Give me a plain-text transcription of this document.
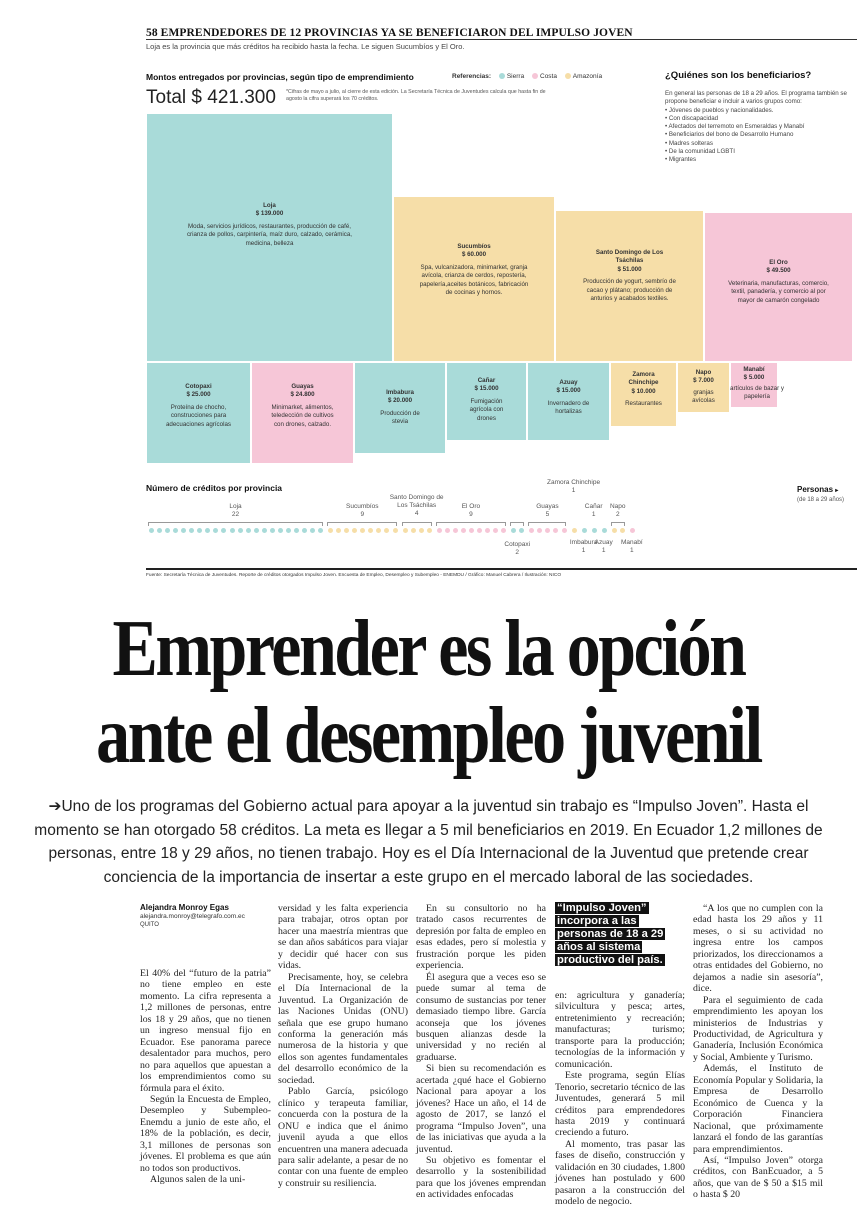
58 EMPRENDEDORES DE 12 PROVINCIAS YA SE BENEFICIARON DEL IMPULSO JOVEN
Loja es la provincia que más créditos ha recibido hasta la fecha. Le siguen Sucumbíos y El Oro.
Montos entregados por provincias, según tipo de emprendimiento	Referencias: Sierra Costa Amazonía
Total $ 421.300 *Cifras de mayo a julio, al cierre de esta edición. La Secretaría Técnica de Juventudes calcula que hasta fin de agosto la cifra superará los 70 créditos.
¿Quiénes son los beneficiarios?
En general las personas de 18 a 29 años. El programa también se propone beneficiar e incluir a varios grupos como:
• Jóvenes de pueblos y nacionalidades.
• Con discapacidad
• Afectados del terremoto en Esmeraldas y Manabí
• Beneficiarios del bono de Desarrollo Humano
• Madres solteras
• De la comunidad LGBTI
• Migrantes
Loja
$ 139.000
Moda, servicios jurídicos, restaurantes, producción de café, crianza de pollos, carpintería, maíz duro, calzado, cerámica, medicina, belleza	Sucumbíos
$ 60.000
Spa, vulcanizadora, minimarket, granja avícola, crianza de cerdos, repostería, papelería,aceites botánicos, fabricación de cocinas y hornos.
Santo Domingo de Los Tsáchilas
$ 51.000
Producción de yogurt, sembrío de cacao y plátano; producción de anturios y acabados textiles.
El Oro
$ 49.500
Veterinaria, manufacturas, comercio, textil, panadería, y comercio al por mayor de camarón congelado
Cotopaxi
$ 25.000
Proteína de chocho, construcciones para adecuaciones agrícolas
Guayas
$ 24.800
Minimarket, alimentos, teledección de cultivos con drones, calzado.
Imbabura
$ 20.000
Producción de stevia
Cañar
$ 15.000
Fumigación agrícola con drones
Azuay
$ 15.000
Invernadero de hortalizas
Zamora Chinchipe
$ 10.000
Restaurantes
Napo
$ 7.000
granjas avícolas
Manabí
$ 5.000
artículos de bazar y papelería
Número de créditos por provincia	Personas ▸
(de 18 a 29 años)
Loja
22
Sucumbíos
9
Santo Domingo de
Los Tsáchilas
4
El Oro
9
Cotopaxi
2
Guayas
5
Zamora Chinchipe
1
Imbabura
1
Cañar
1
Azuay
1
Napo
2
Manabí
1
Fuente: Secretaría Técnica de Juventudes. Reporte de créditos otorgados Impulso Joven. Encuesta de Empleo, Desempleo y Subempleo - ENEMDU / Gráfico: Manuel Cabrera / Ilustración: NICO
Emprender es la opción
ante el desempleo juvenil
➔Uno de los programas del Gobierno actual para apoyar a la juventud sin trabajo es “Impulso Joven”. Hasta el momento se han otorgado 58 créditos. La meta es llegar a 5 mil beneficiarios en 2019. En Ecuador 1,2 millones de personas, entre 18 y 29 años, no tienen trabajo. Hoy es el Día Internacional de la Juventud que pretende crear conciencia de la importancia de insertar a este grupo en el mercado laboral de las sociedades.
Alejandra Monroy Egas
alejandra.monroy@telegrafo.com.ec
QUITO

El 40% del “futuro de la patria” no tiene empleo en este momento. La cifra representa a 1,2 millones de personas, entre los 18 y 29 años, que no tienen un ingreso mensual fijo en Ecuador. Ese panorama parece desalentador para muchos, pero no para aquellos que apuestan a los emprendimientos como su fórmula para el éxito.

Según la Encuesta de Empleo, Desempleo y Subempleo-Enemdu a junio de este año, el 18% de la población, es decir, 3,1 millones de personas son jóvenes. El problema es que aún no todos son productivos.

Algunos salen de la uni-

versidad y les falta experiencia para trabajar, otros optan por hacer una maestría mientras que se dan años sabáticos para viajar y decidir qué hacer con sus vidas.

Precisamente, hoy, se celebra el Día Internacional de la Juventud. La Organización de las Naciones Unidas (ONU) señala que ese grupo humano conforma la generación más numerosa de la historia y que ellos son agentes fundamentales del desarrollo económico de la sociedad.

Pablo García, psicólogo clínico y terapeuta familiar, concuerda con la postura de la ONU e indica que el ánimo juvenil ayuda a que ellos encuentren una manera adecuada para salir adelante, a pesar de no contar con una fuente de empleo y construir su resiliencia.

En su consultorio no ha tratado casos recurrentes de depresión por falta de empleo en esas edades, pero sí molestia y frustración porque les piden experiencia.

Él asegura que a veces eso se puede sumar al tema de consumo de sustancias por tener demasiado tiempo libre. García aconseja que los jóvenes busquen alianzas desde la universidad y no recién al graduarse.

Si bien su recomendación es acertada ¿qué hace el Gobierno Nacional para apoyar a los jóvenes? Hace un año, el 14 de agosto de 2017, se lanzó el programa “Impulso Joven”, una de las iniciativas que ayuda a la juventud.

Su objetivo es fomentar el desarrollo y la sostenibilidad para que los jóvenes emprendan en actividades enfocadas

“Impulso Joven” incorpora a las personas de 18 a 29 años al sistema productivo del país.

en: agricultura y ganadería; silvicultura y pesca; artes, entretenimiento y recreación; manufacturas; turismo; transporte para la producción; tecnologías de la información y comunicación.

Este programa, según Elías Tenorio, secretario técnico de las Juventudes, generará 5 mil créditos para emprendedores hasta 2019 y continuará creciendo a futuro.

Al momento, tras pasar las fases de diseño, construcción y validación en 30 ciudades, 1.800 jóvenes han postulado y 600 pasaron a la construcción del modelo de negocio.

“A los que no cumplen con la edad hasta los 29 años y 11 meses, o si su actividad no ingresa entre los campos priorizados, los direccionamos a otras entidades del Gobierno, no dejamos a nadie sin asesoría”, dice.

Para el seguimiento de cada emprendimiento les apoyan los ministerios de Industrias y Productividad, de Agricultura y Ganadería, Inclusión Económica y Social, Ambiente y Turismo.

Además, el Instituto de Economía Popular y Solidaria, la Empresa de Desarrollo Económico de Cuenca y la Corporación Financiera Nacional, que próximamente lanzará el fondo de las garantías para emprendimientos.

Así, “Impulso Joven” otorga créditos, con BanEcuador, a 5 años, que van de $ 50 a $15 mil o hasta $ 20
